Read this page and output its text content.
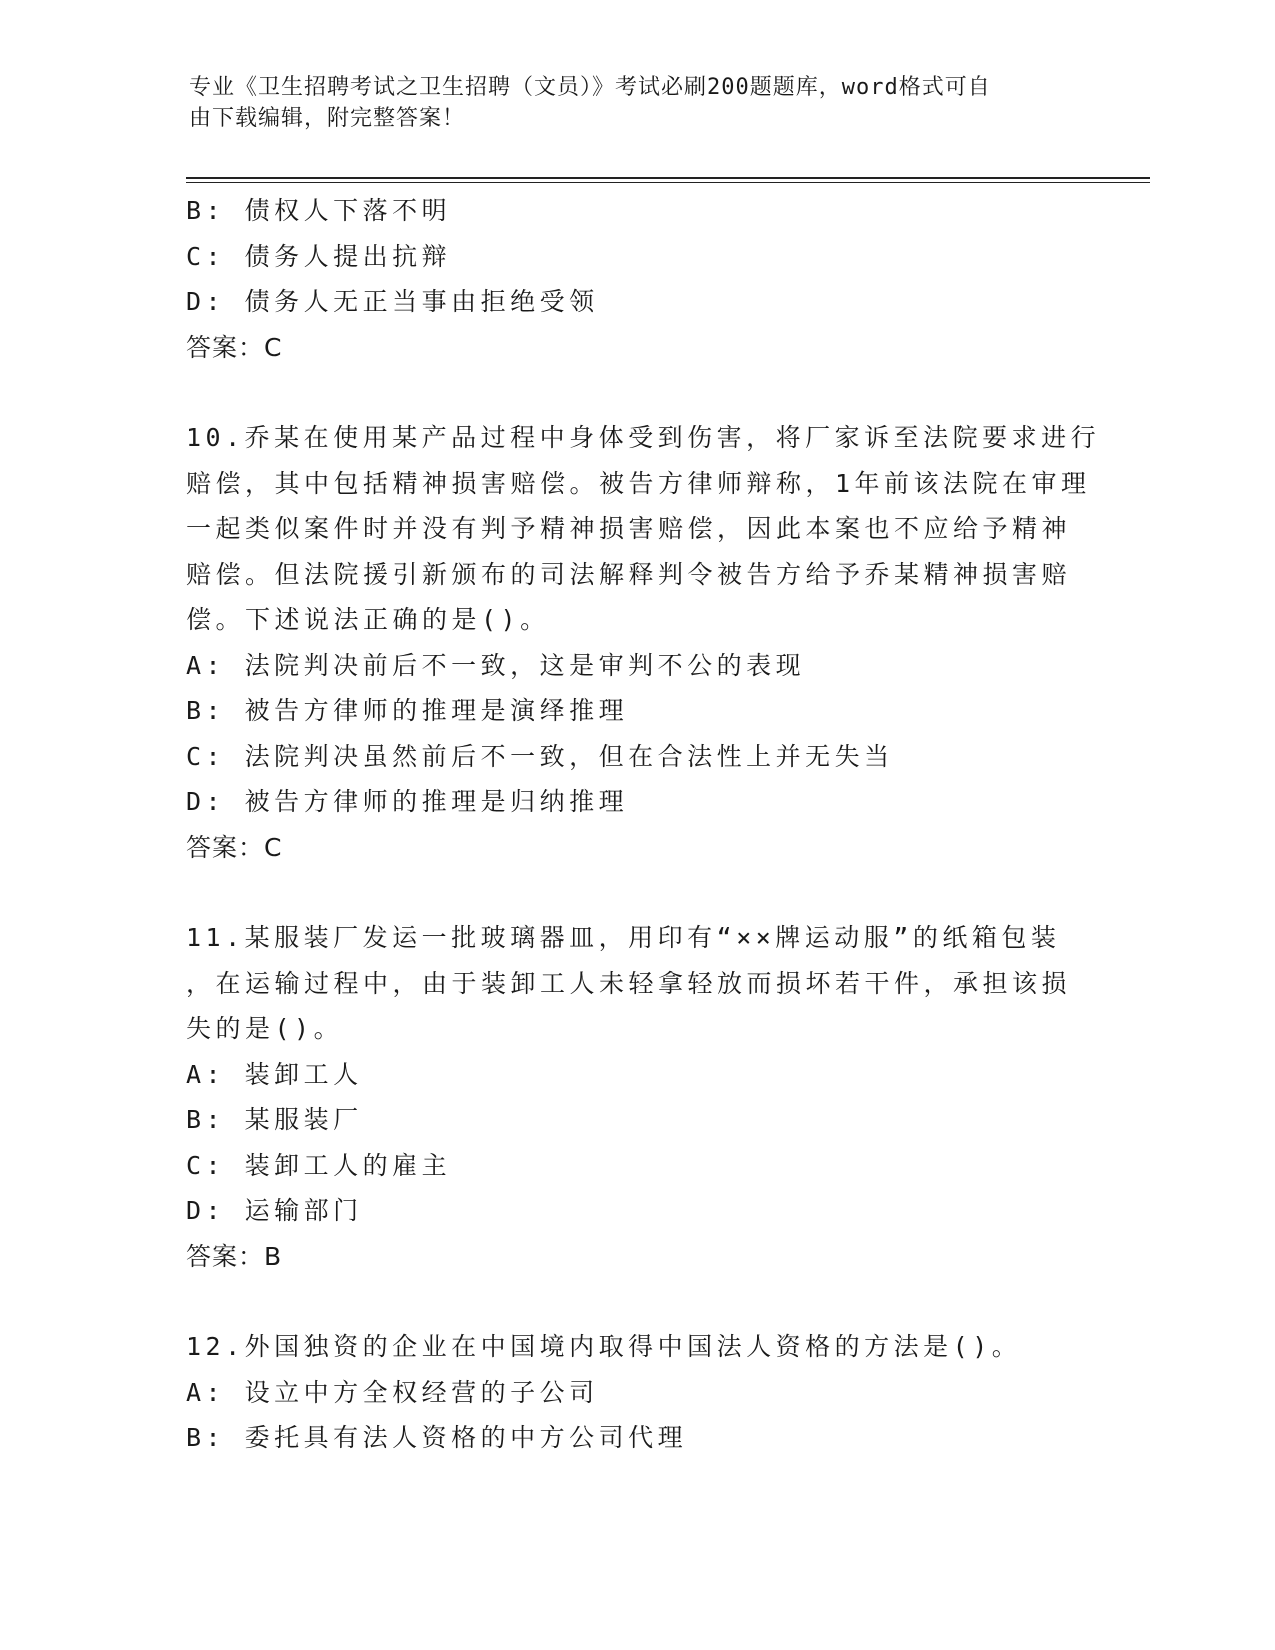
专业《卫生招聘考试之卫生招聘（文员）》考试必刷200题题库，word格式可自
由下载编辑，附完整答案！
B: 债权人下落不明
C: 债务人提出抗辩
D: 债务人无正当事由拒绝受领
答案：C
10.乔某在使用某产品过程中身体受到伤害，将厂家诉至法院要求进行
赔偿，其中包括精神损害赔偿。被告方律师辩称，1年前该法院在审理
一起类似案件时并没有判予精神损害赔偿，因此本案也不应给予精神
赔偿。但法院援引新颁布的司法解释判令被告方给予乔某精神损害赔
偿。下述说法正确的是()。
A: 法院判决前后不一致，这是审判不公的表现
B: 被告方律师的推理是演绎推理
C: 法院判决虽然前后不一致，但在合法性上并无失当
D: 被告方律师的推理是归纳推理
答案：C
11.某服装厂发运一批玻璃器皿，用印有“××牌运动服”的纸箱包装
，在运输过程中，由于装卸工人未轻拿轻放而损坏若干件，承担该损
失的是()。
A: 装卸工人
B: 某服装厂
C: 装卸工人的雇主
D: 运输部门
答案：B
12.外国独资的企业在中国境内取得中国法人资格的方法是()。
A: 设立中方全权经营的子公司
B: 委托具有法人资格的中方公司代理
